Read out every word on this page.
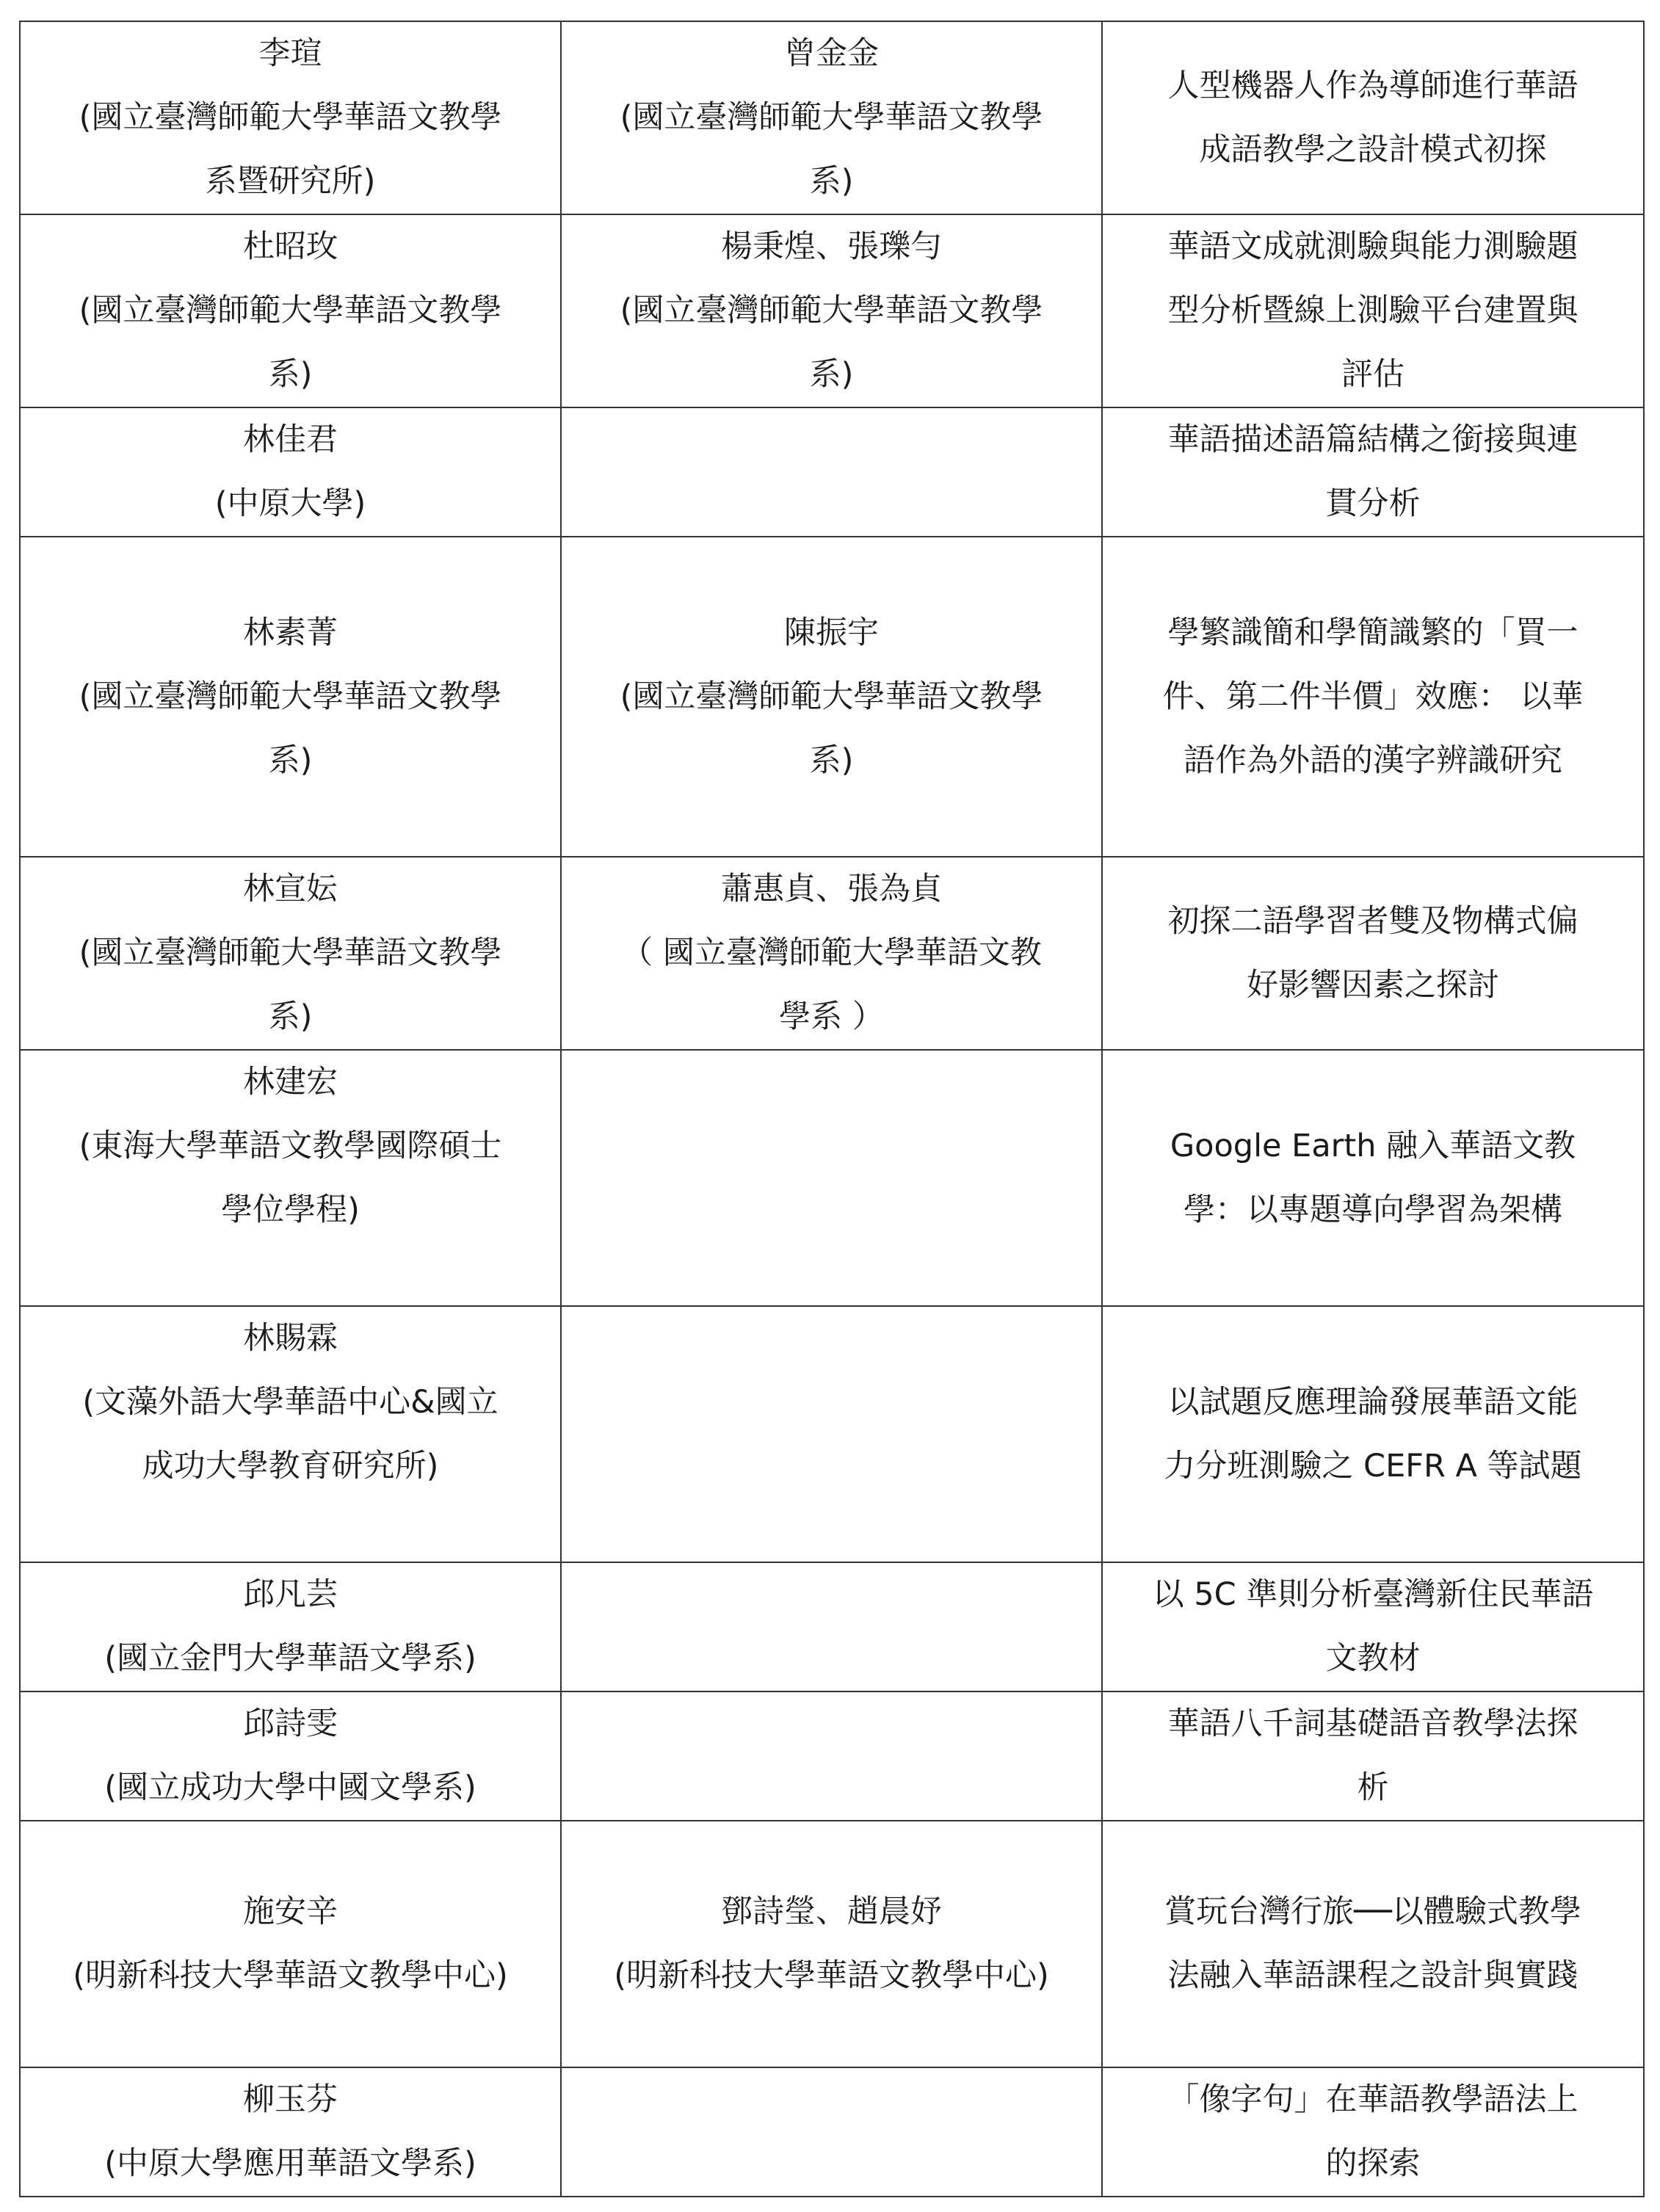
李瑄
(國立臺灣師範大學華語文教學
系暨研究所)	曾金金
(國立臺灣師範大學華語文教學
系)	人型機器人作為導師進行華語
成語教學之設計模式初探

杜昭玫
(國立臺灣師範大學華語文教學
系)	楊秉煌、張瓅勻
(國立臺灣師範大學華語文教學
系)	華語文成就測驗與能力測驗題
型分析暨線上測驗平台建置與
評估

林佳君
(中原大學)		華語描述語篇結構之銜接與連
貫分析

林素菁
(國立臺灣師範大學華語文教學
系)	陳振宇
(國立臺灣師範大學華語文教學
系)	學繁識簡和學簡識繁的「買一
件、第二件半價」效應： 以華
語作為外語的漢字辨識研究

林宣妘
(國立臺灣師範大學華語文教學
系)	蕭惠貞、張為貞
（ 國立臺灣師範大學華語文教
學系 ）	初探二語學習者雙及物構式偏
好影響因素之探討

林建宏
(東海大學華語文教學國際碩士
學位學程)		Google Earth 融入華語文教
學：以專題導向學習為架構

林賜霖
(文藻外語大學華語中心&國立
成功大學教育研究所)		以試題反應理論發展華語文能
力分班測驗之 CEFR A 等試題

邱凡芸
(國立金門大學華語文學系)		以 5C 準則分析臺灣新住民華語
文教材

邱詩雯
(國立成功大學中國文學系)		華語八千詞基礎語音教學法探
析

施安辛
(明新科技大學華語文教學中心)	鄧詩瑩、趙晨妤
(明新科技大學華語文教學中心)	賞玩台灣行旅──以體驗式教學
法融入華語課程之設計與實踐

柳玉芬
(中原大學應用華語文學系)		「像字句」在華語教學語法上
的探索
